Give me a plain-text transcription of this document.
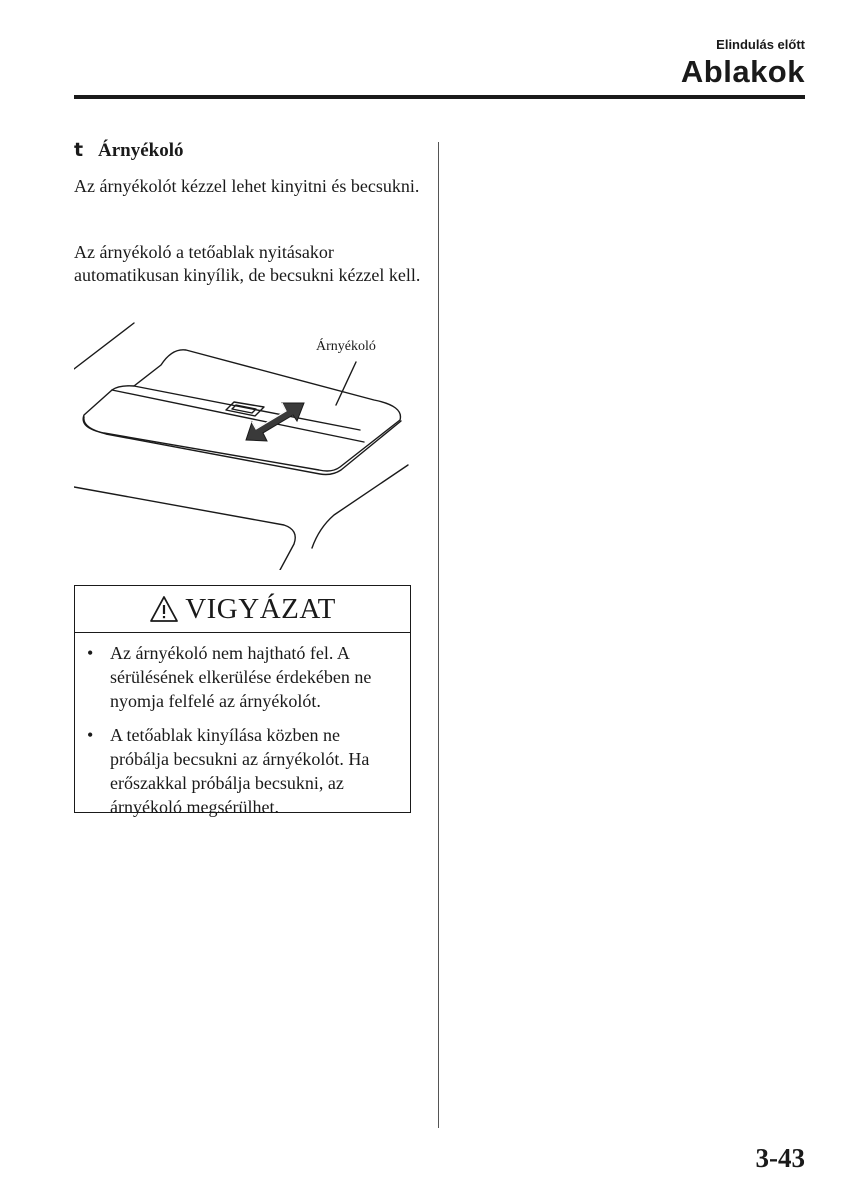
Elindulás előtt
Ablakok
t Árnyékoló
Az árnyékolót kézzel lehet kinyitni és becsukni.
Az árnyékoló a tetőablak nyitásakor automatikusan kinyílik, de becsukni kézzel kell.
Árnyékoló
VIGYÁZAT
• Az árnyékoló nem hajtható fel. A sérülésének elkerülése érdekében ne nyomja felfelé az árnyékolót.
• A tetőablak kinyílása közben ne próbálja becsukni az árnyékolót. Ha erőszakkal próbálja becsukni, az árnyékoló megsérülhet.
3-43
